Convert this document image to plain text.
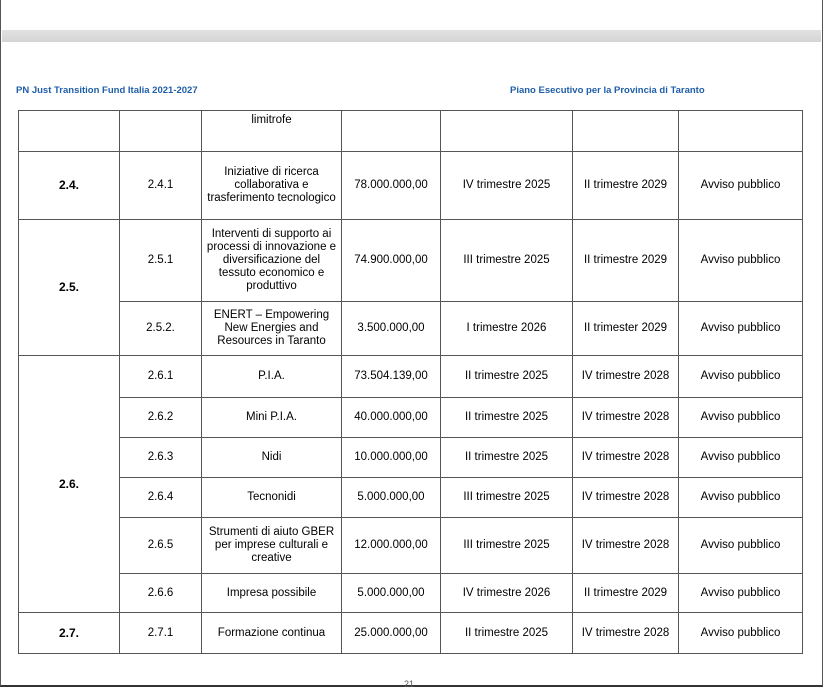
PN Just Transition Fund Italia 2021-2027	Piano Esecutivo per la Provincia di Taranto
		limitrofe				
2.4.	2.4.1	Iniziative di ricerca collaborativa e trasferimento tecnologico	78.000.000,00	IV trimestre 2025	II trimestre 2029	Avviso pubblico
2.5.	2.5.1	Interventi di supporto ai processi di innovazione e diversificazione del tessuto economico e produttivo	74.900.000,00	III trimestre 2025	II trimestre 2029	Avviso pubblico
	2.5.2.	ENERT – Empowering New Energies and Resources in Taranto	3.500.000,00	I trimestre 2026	II trimester 2029	Avviso pubblico
2.6.	2.6.1	P.I.A.	73.504.139,00	II trimestre 2025	IV trimestre 2028	Avviso pubblico
	2.6.2	Mini P.I.A.	40.000.000,00	II trimestre 2025	IV trimestre 2028	Avviso pubblico
	2.6.3	Nidi	10.000.000,00	II trimestre 2025	IV trimestre 2028	Avviso pubblico
	2.6.4	Tecnonidi	5.000.000,00	III trimestre 2025	IV trimestre 2028	Avviso pubblico
	2.6.5	Strumenti di aiuto GBER per imprese culturali e creative	12.000.000,00	III trimestre 2025	IV trimestre 2028	Avviso pubblico
	2.6.6	Impresa possibile	5.000.000,00	IV trimestre 2026	II trimestre 2029	Avviso pubblico
2.7.	2.7.1	Formazione continua	25.000.000,00	II trimestre 2025	IV trimestre 2028	Avviso pubblico
21
